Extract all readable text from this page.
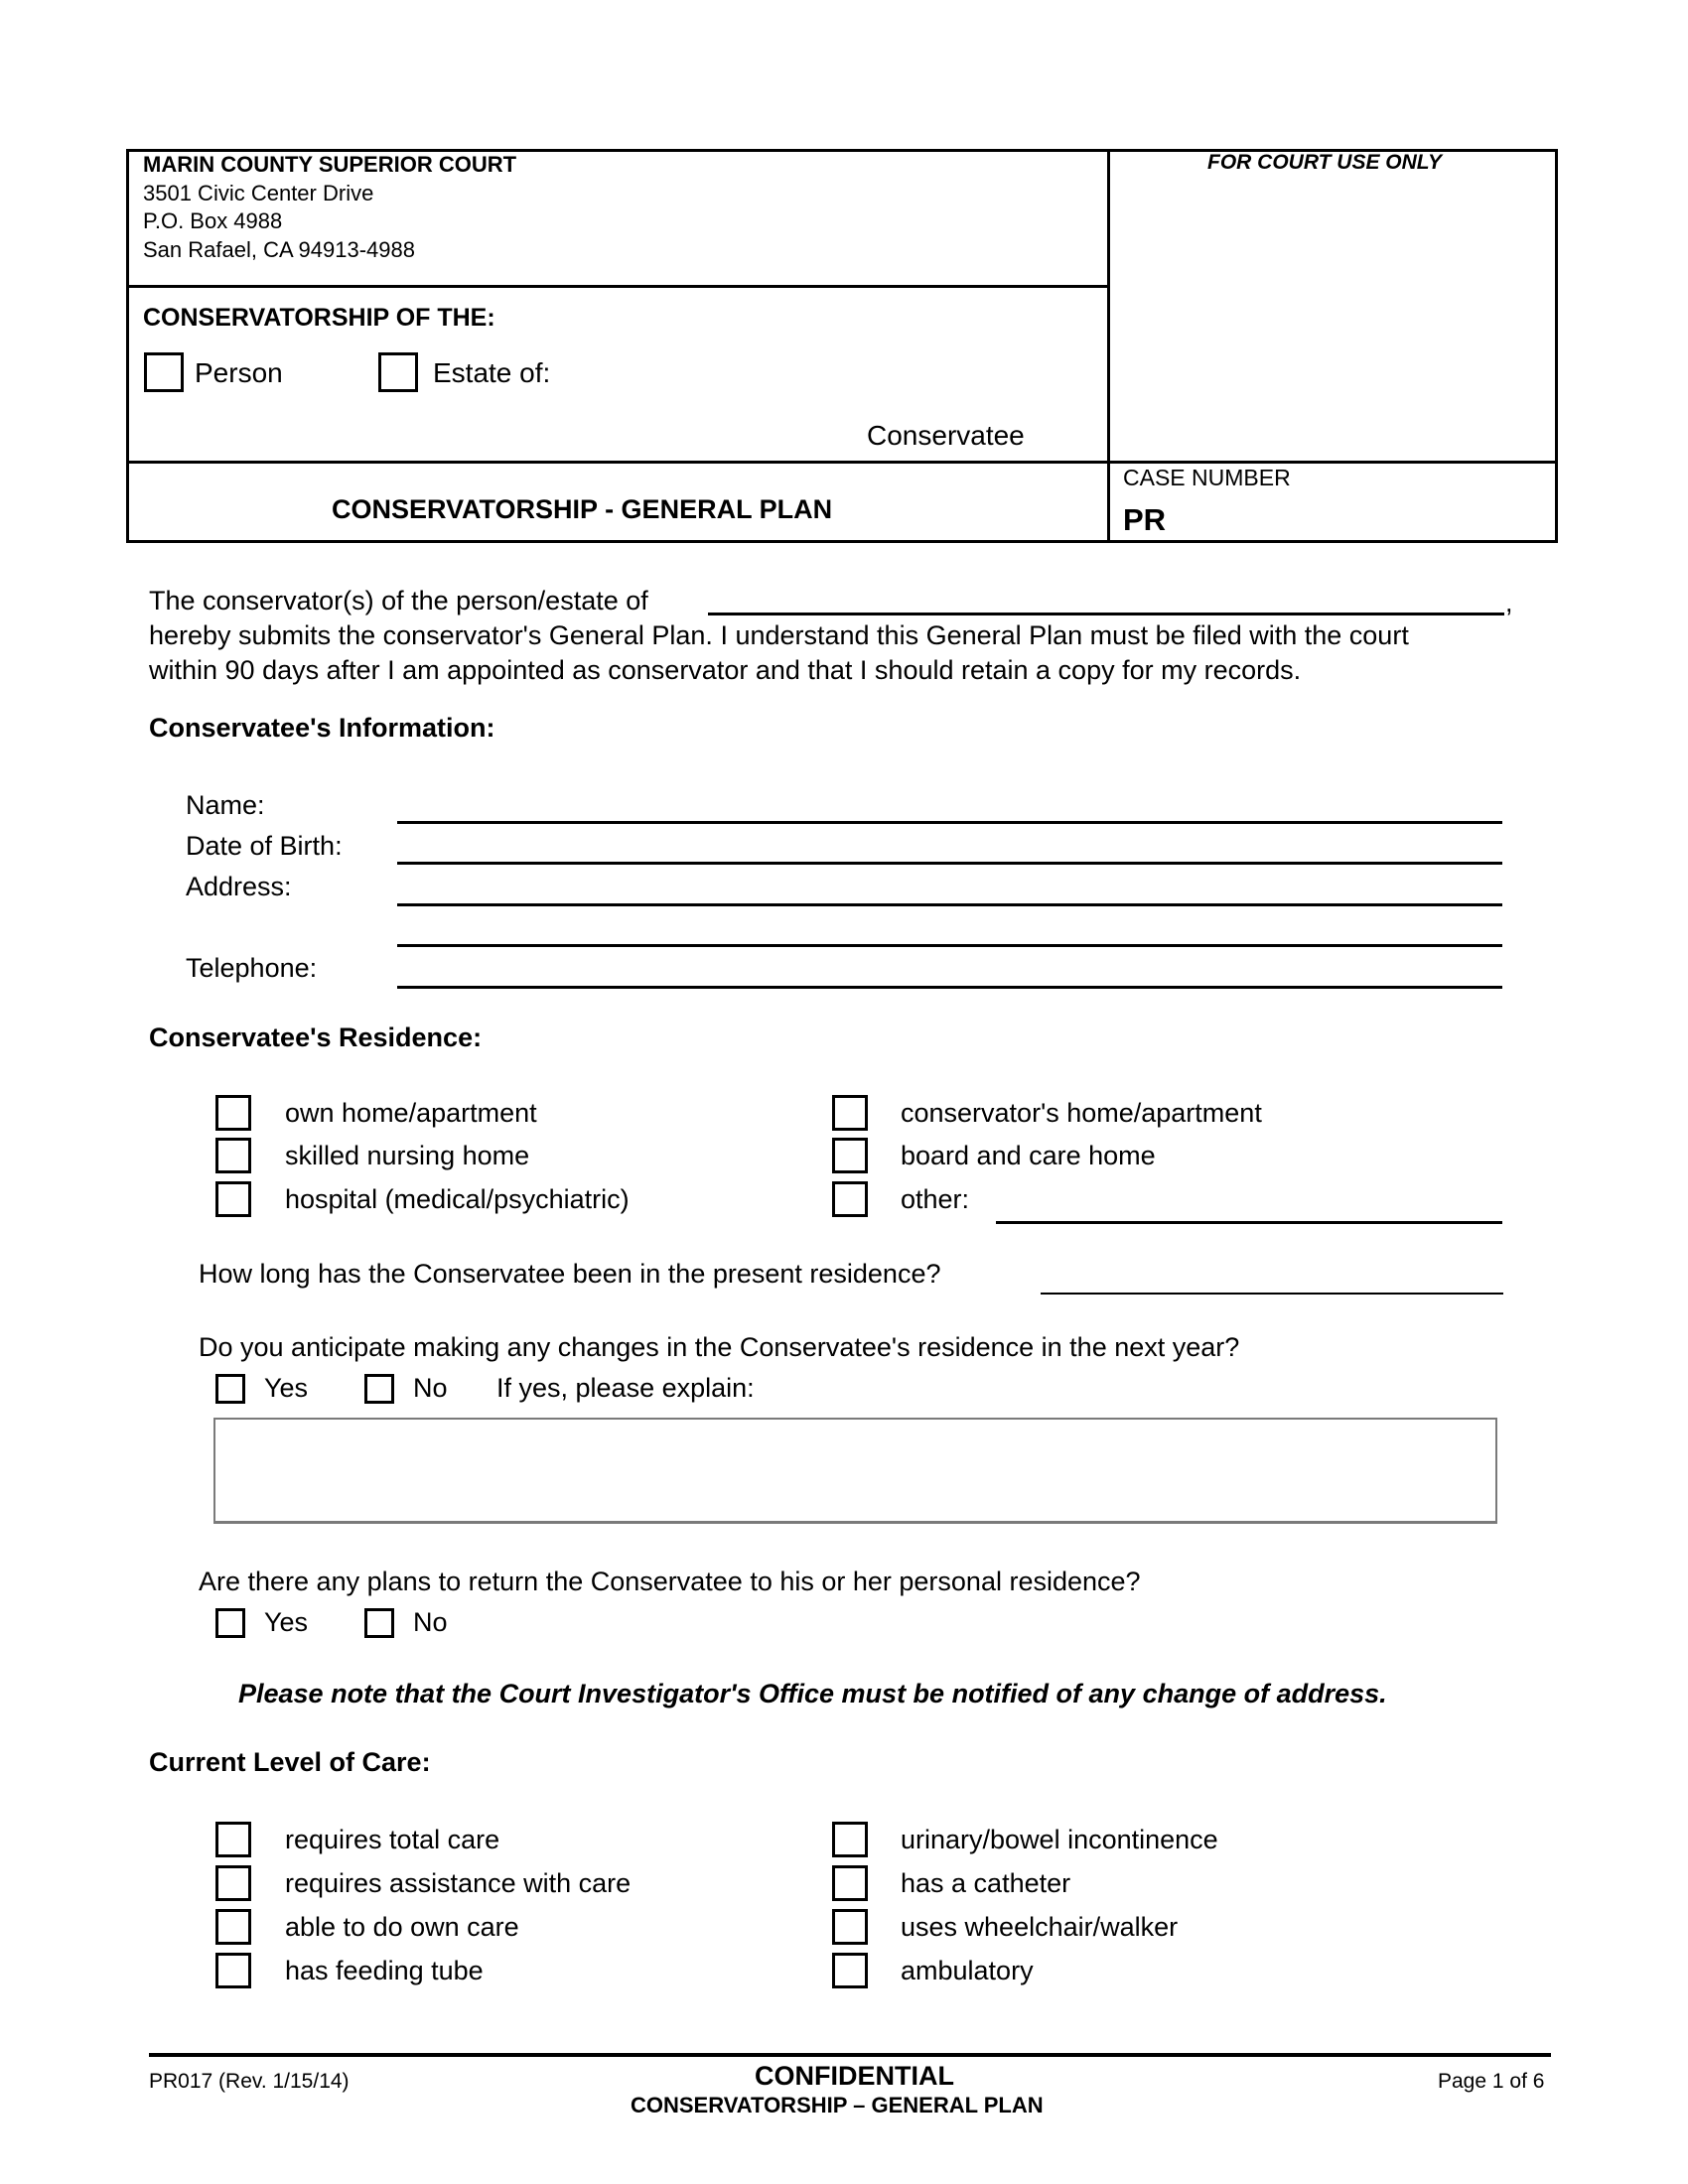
MARIN COUNTY SUPERIOR COURT
3501 Civic Center Drive
P.O. Box 4988
San Rafael, CA 94913-4988
FOR COURT USE ONLY
CONSERVATORSHIP OF THE:
Person	Estate of:
Conservatee
CONSERVATORSHIP - GENERAL PLAN
CASE NUMBER
PR
The conservator(s) of the person/estate of	,
hereby submits the conservator's General Plan. I understand this General Plan must be filed with the court
within 90 days after I am appointed as conservator and that I should retain a copy for my records.
Conservatee's Information:
Name:
Date of Birth:
Address:
Telephone:
Conservatee's Residence:
own home/apartment
skilled nursing home
hospital (medical/psychiatric)
conservator's home/apartment
board and care home
other:
How long has the Conservatee been in the present residence?
Do you anticipate making any changes in the Conservatee's residence in the next year?
Yes	No If yes, please explain:
Are there any plans to return the Conservatee to his or her personal residence?
Yes	No
Please note that the Court Investigator's Office must be notified of any change of address.
Current Level of Care:
requires total care
requires assistance with care
able to do own care
has feeding tube
urinary/bowel incontinence
has a catheter
uses wheelchair/walker
ambulatory
PR017 (Rev. 1/15/14)	CONFIDENTIAL
CONSERVATORSHIP – GENERAL PLAN
Page 1 of 6
